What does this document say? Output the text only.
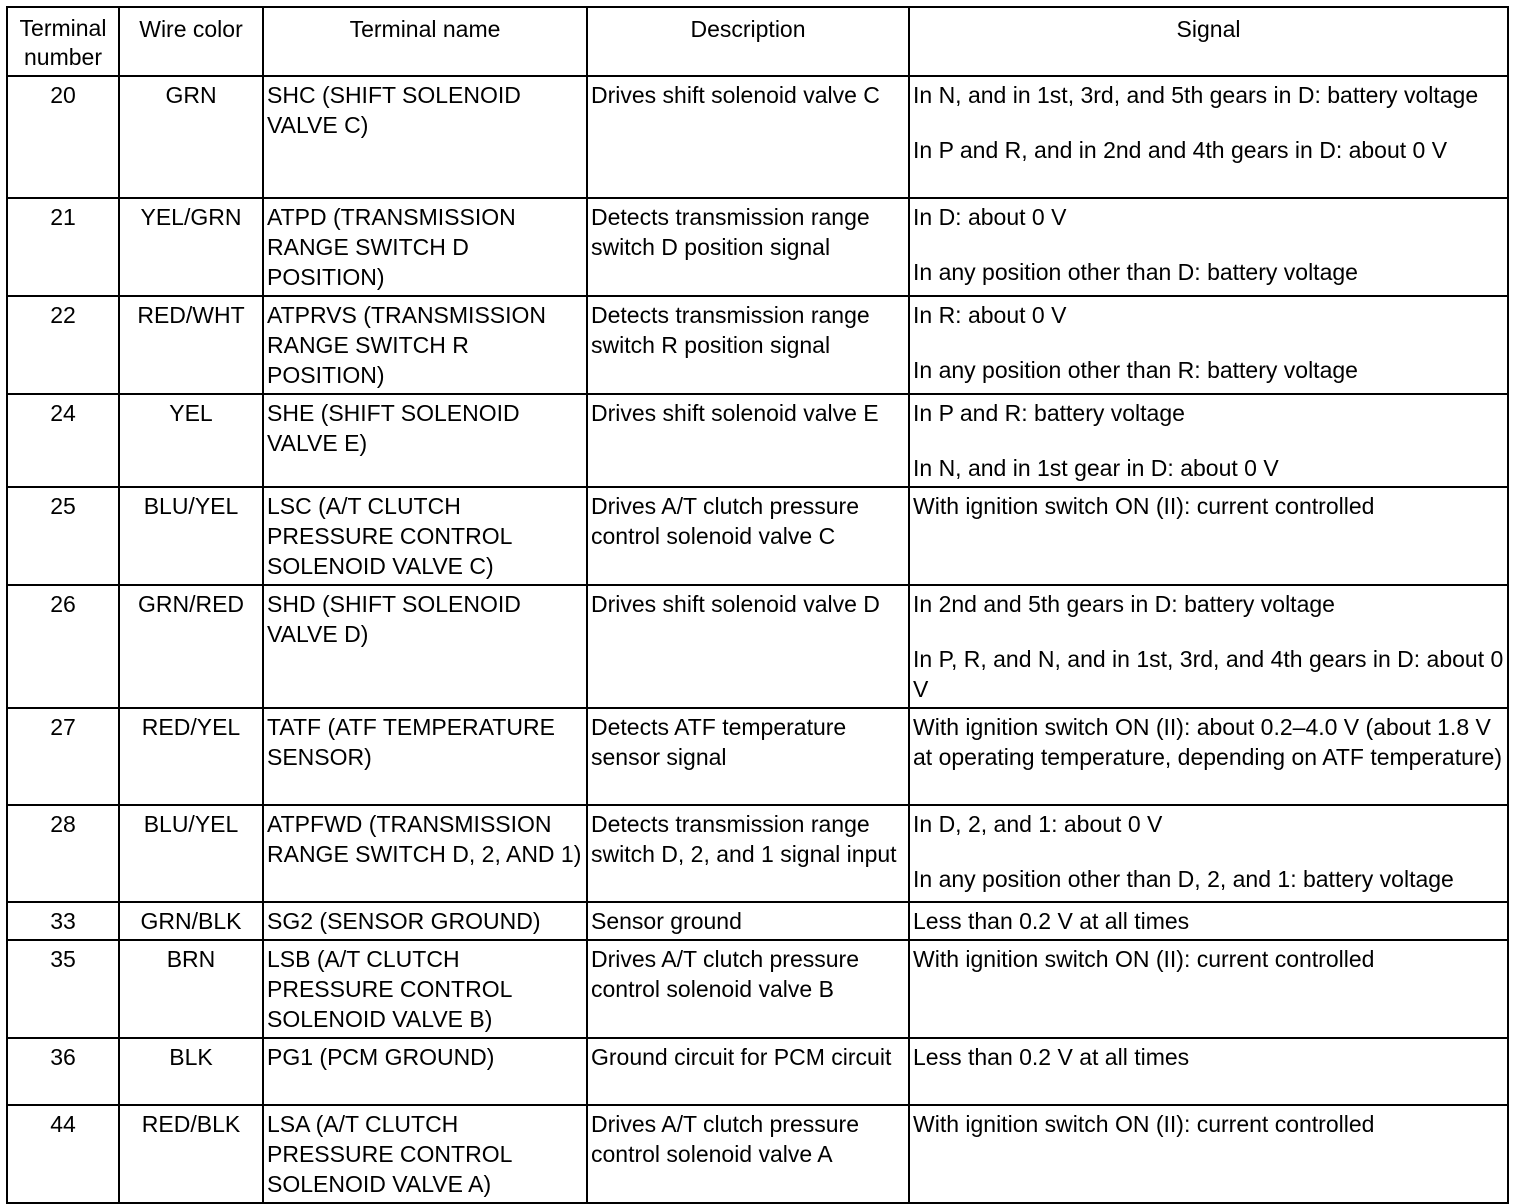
Terminal
number	Wire color	Terminal name	Description	Signal
20	GRN	SHC (SHIFT SOLENOID VALVE C)	Drives shift solenoid valve C	In N, and in 1st, 3rd, and 5th gears in D: battery voltage
In P and R, and in 2nd and 4th gears in D: about 0 V

21	YEL/GRN	ATPD (TRANSMISSION RANGE SWITCH D POSITION)	Detects transmission range switch D position signal	In D: about 0 V
In any position other than D: battery voltage

22	RED/WHT	ATPRVS (TRANSMISSION RANGE SWITCH R POSITION)	Detects transmission range switch R position signal	In R: about 0 V
In any position other than R: battery voltage

24	YEL	SHE (SHIFT SOLENOID VALVE E)	Drives shift solenoid valve E	In P and R: battery voltage
In N, and in 1st gear in D: about 0 V

25	BLU/YEL	LSC (A/T CLUTCH PRESSURE CONTROL SOLENOID VALVE C)	Drives A/T clutch pressure control solenoid valve C	With ignition switch ON (II): current controlled

26	GRN/RED	SHD (SHIFT SOLENOID VALVE D)	Drives shift solenoid valve D	In 2nd and 5th gears in D: battery voltage
In P, R, and N, and in 1st, 3rd, and 4th gears in D: about 0 V

27	RED/YEL	TATF (ATF TEMPERATURE SENSOR)	Detects ATF temperature sensor signal	With ignition switch ON (II): about 0.2–4.0 V (about 1.8 V at operating temperature, depending on ATF temperature)

28	BLU/YEL	ATPFWD (TRANSMISSION RANGE SWITCH D, 2, AND 1)	Detects transmission range switch D, 2, and 1 signal input	In D, 2, and 1: about 0 V
In any position other than D, 2, and 1: battery voltage

33	GRN/BLK	SG2 (SENSOR GROUND)	Sensor ground	Less than 0.2 V at all times

35	BRN	LSB (A/T CLUTCH PRESSURE CONTROL SOLENOID VALVE B)	Drives A/T clutch pressure control solenoid valve B	With ignition switch ON (II): current controlled

36	BLK	PG1 (PCM GROUND)	Ground circuit for PCM circuit	Less than 0.2 V at all times

44	RED/BLK	LSA (A/T CLUTCH PRESSURE CONTROL SOLENOID VALVE A)	Drives A/T clutch pressure control solenoid valve A	With ignition switch ON (II): current controlled
